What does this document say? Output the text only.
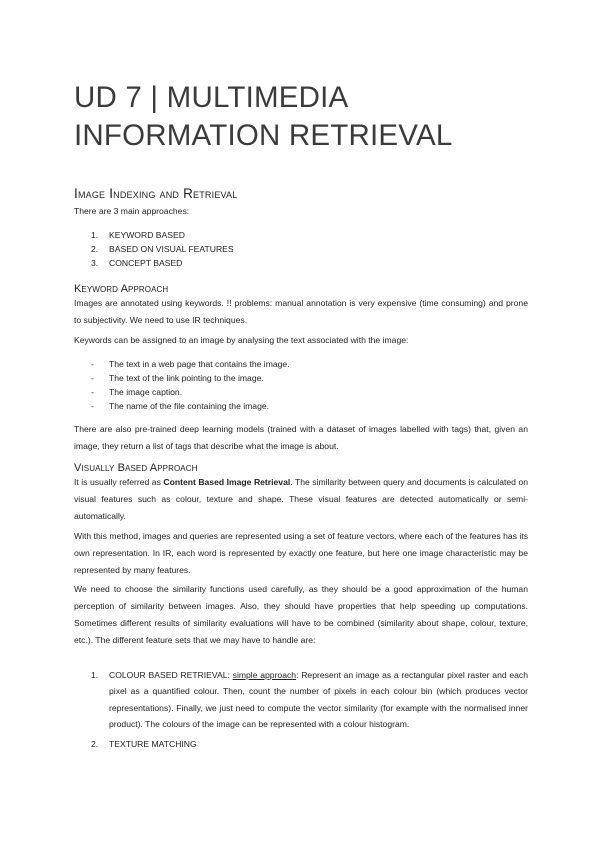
UD 7 | MULTIMEDIA
INFORMATION RETRIEVAL
Image Indexing and Retrieval
There are 3 main approaches:
1.	KEYWORD BASED
2.	BASED ON VISUAL FEATURES
3.	CONCEPT BASED
Keyword Approach
Images are annotated using keywords. !! problems: manual annotation is very expensive (time consuming) and prone to subjectivity. We need to use IR techniques.
Keywords can be assigned to an image by analysing the text associated with the image:
-	The text in a web page that contains the image.
-	The text of the link pointing to the image.
-	The image caption.
-	The name of the file containing the image.
There are also pre-trained deep learning models (trained with a dataset of images labelled with tags) that, given an image, they return a list of tags that describe what the image is about.
Visually Based Approach
It is usually referred as Content Based Image Retrieval. The similarity between query and documents is calculated on visual features such as colour, texture and shape. These visual features are detected automatically or semi-automatically.
With this method, images and queries are represented using a set of feature vectors, where each of the features has its own representation. In IR, each word is represented by exactly one feature, but here one image characteristic may be represented by many features.
We need to choose the similarity functions used carefully, as they should be a good approximation of the human perception of similarity between images. Also, they should have properties that help speeding up computations. Sometimes different results of similarity evaluations will have to be combined (similarity about shape, colour, texture, etc.). The different feature sets that we may have to handle are:
1.	COLOUR BASED RETRIEVAL: simple approach: Represent an image as a rectangular pixel raster and each pixel as a quantified colour. Then, count the number of pixels in each colour bin (which produces vector representations). Finally, we just need to compute the vector similarity (for example with the normalised inner product). The colours of the image can be represented with a colour histogram.
2.	TEXTURE MATCHING
